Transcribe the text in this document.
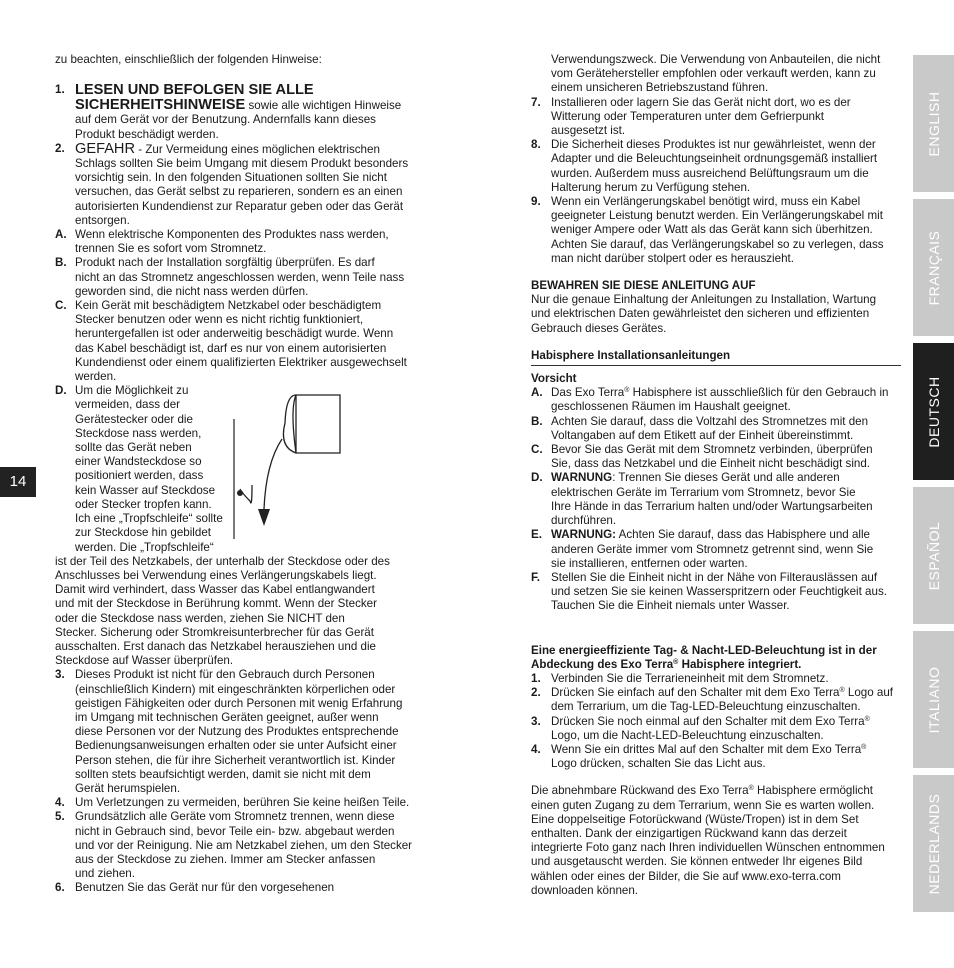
14
ENGLISH
FRANÇAIS
DEUTSCH
ESPAÑOL
ITALIANO
NEDERLANDS
zu beachten, einschließlich der folgenden Hinweise:
1. LESEN UND BEFOLGEN SIE ALLE
SICHERHEITSHINWEISE sowie alle wichtigen Hinweise

auf dem Gerät vor der Benutzung. Andernfalls kann dieses
Produkt beschädigt werden.
2. GEFAHR - Zur Vermeidung eines möglichen elektrischen

Schlags sollten Sie beim Umgang mit diesem Produkt besonders
vorsichtig sein. In den folgenden Situationen sollten Sie nicht
versuchen, das Gerät selbst zu reparieren, sondern es an einen
autorisierten Kundendienst zur Reparatur geben oder das Gerät
entsorgen.
A. Wenn elektrische Komponenten des Produktes nass werden,
trennen Sie es sofort vom Stromnetz.
B. Produkt nach der Installation sorgfältig überprüfen. Es darf
nicht an das Stromnetz angeschlossen werden, wenn Teile nass
geworden sind, die nicht nass werden dürfen.
C. Kein Gerät mit beschädigtem Netzkabel oder beschädigtem
Stecker benutzen oder wenn es nicht richtig funktioniert,
heruntergefallen ist oder anderweitig beschädigt wurde. Wenn
das Kabel beschädigt ist, darf es nur von einem autorisierten
Kundendienst oder einem qualifizierten Elektriker ausgewechselt
werden.
D. Um die Möglichkeit zu
vermeiden, dass der
Gerätestecker oder die
Steckdose nass werden,
sollte das Gerät neben
einer Wandsteckdose so
positioniert werden, dass
kein Wasser auf Steckdose
oder Stecker tropfen kann.
Ich eine „Tropfschleife“ sollte
zur Steckdose hin gebildet
werden. Die „Tropfschleife“
ist der Teil des Netzkabels, der unterhalb der Steckdose oder des
Anschlusses bei Verwendung eines Verlängerungskabels liegt.
Damit wird verhindert, dass Wasser das Kabel entlangwandert
und mit der Steckdose in Berührung kommt. Wenn der Stecker
oder die Steckdose nass werden, ziehen Sie NICHT den
Stecker. Sicherung oder Stromkreisunterbrecher für das Gerät
ausschalten. Erst danach das Netzkabel herausziehen und die
Steckdose auf Wasser überprüfen.
3. Dieses Produkt ist nicht für den Gebrauch durch Personen
(einschließlich Kindern) mit eingeschränkten körperlichen oder
geistigen Fähigkeiten oder durch Personen mit wenig Erfahrung
im Umgang mit technischen Geräten geeignet, außer wenn
diese Personen vor der Nutzung des Produktes entsprechende
Bedienungsanweisungen erhalten oder sie unter Aufsicht einer
Person stehen, die für ihre Sicherheit verantwortlich ist. Kinder
sollten stets beaufsichtigt werden, damit sie nicht mit dem
Gerät herumspielen.
4. Um Verletzungen zu vermeiden, berühren Sie keine heißen Teile.
5. Grundsätzlich alle Geräte vom Stromnetz trennen, wenn diese
nicht in Gebrauch sind, bevor Teile ein- bzw. abgebaut werden
und vor der Reinigung. Nie am Netzkabel ziehen, um den Stecker
aus der Steckdose zu ziehen. Immer am Stecker anfassen
und ziehen.
6. Benutzen Sie das Gerät nur für den vorgesehenen
Verwendungszweck. Die Verwendung von Anbauteilen, die nicht
vom Gerätehersteller empfohlen oder verkauft werden, kann zu
einem unsicheren Betriebszustand führen.
7. Installieren oder lagern Sie das Gerät nicht dort, wo es der
Witterung oder Temperaturen unter dem Gefrierpunkt
ausgesetzt ist.
8. Die Sicherheit dieses Produktes ist nur gewährleistet, wenn der
Adapter und die Beleuchtungseinheit ordnungsgemäß installiert
wurden. Außerdem muss ausreichend Belüftungsraum um die
Halterung herum zu Verfügung stehen.
9. Wenn ein Verlängerungskabel benötigt wird, muss ein Kabel
geeigneter Leistung benutzt werden. Ein Verlängerungskabel mit
weniger Ampere oder Watt als das Gerät kann sich überhitzen.
Achten Sie darauf, das Verlängerungskabel so zu verlegen, dass
man nicht darüber stolpert oder es herauszieht.
BEWAHREN SIE DIESE ANLEITUNG AUF
Nur die genaue Einhaltung der Anleitungen zu Installation, Wartung
und elektrischen Daten gewährleistet den sicheren und effizienten
Gebrauch dieses Gerätes.
Habisphere Installationsanleitungen
Vorsicht
A. Das Exo Terra® Habisphere ist ausschließlich für den Gebrauch in
geschlossenen Räumen im Haushalt geeignet.
B. Achten Sie darauf, dass die Voltzahl des Stromnetzes mit den
Voltangaben auf dem Etikett auf der Einheit übereinstimmt.
C. Bevor Sie das Gerät mit dem Stromnetz verbinden, überprüfen
Sie, dass das Netzkabel und die Einheit nicht beschädigt sind.
D. WARNUNG: Trennen Sie dieses Gerät und alle anderen
elektrischen Geräte im Terrarium vom Stromnetz, bevor Sie
Ihre Hände in das Terrarium halten und/oder Wartungsarbeiten
durchführen.
E. WARNUNG: Achten Sie darauf, dass das Habisphere und alle
anderen Geräte immer vom Stromnetz getrennt sind, wenn Sie
sie installieren, entfernen oder warten.
F. Stellen Sie die Einheit nicht in der Nähe von Filterauslässen auf
und setzen Sie sie keinen Wasserspritzern oder Feuchtigkeit aus.
Tauchen Sie die Einheit niemals unter Wasser.
Eine energieeffiziente Tag- & Nacht-LED-Beleuchtung ist in der
Abdeckung des Exo Terra® Habisphere integriert.
1. Verbinden Sie die Terrarieneinheit mit dem Stromnetz.
2. Drücken Sie einfach auf den Schalter mit dem Exo Terra® Logo auf
dem Terrarium, um die Tag-LED-Beleuchtung einzuschalten.
3. Drücken Sie noch einmal auf den Schalter mit dem Exo Terra®
Logo, um die Nacht-LED-Beleuchtung einzuschalten.
4. Wenn Sie ein drittes Mal auf den Schalter mit dem Exo Terra®
Logo drücken, schalten Sie das Licht aus.
Die abnehmbare Rückwand des Exo Terra® Habisphere ermöglicht
einen guten Zugang zu dem Terrarium, wenn Sie es warten wollen.
Eine doppelseitige Fotorückwand (Wüste/Tropen) ist in dem Set
enthalten. Dank der einzigartigen Rückwand kann das derzeit
integrierte Foto ganz nach Ihren individuellen Wünschen entnommen
und ausgetauscht werden. Sie können entweder Ihr eigenes Bild
wählen oder eines der Bilder, die Sie auf www.exo-terra.com
downloaden können.
